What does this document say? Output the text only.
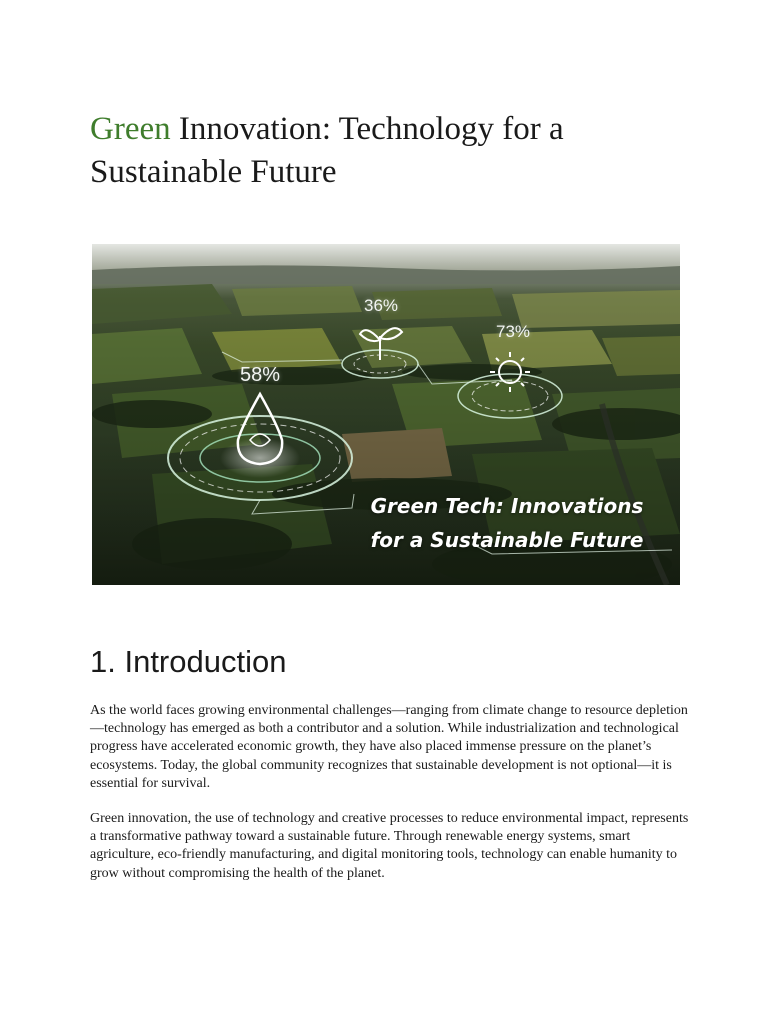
Green Innovation: Technology for a Sustainable Future
58%
36%
73%
Green Tech: Innovations
for a Sustainable Future
1. Introduction

As the world faces growing environmental challenges—ranging from climate change to resource depletion—technology has emerged as both a contributor and a solution. While industrialization and technological progress have accelerated economic growth, they have also placed immense pressure on the planet’s ecosystems. Today, the global community recognizes that sustainable development is not optional—it is essential for survival.

Green innovation, the use of technology and creative processes to reduce environmental impact, represents a transformative pathway toward a sustainable future. Through renewable energy systems, smart agriculture, eco-friendly manufacturing, and digital monitoring tools, technology can enable humanity to grow without compromising the health of the planet.
